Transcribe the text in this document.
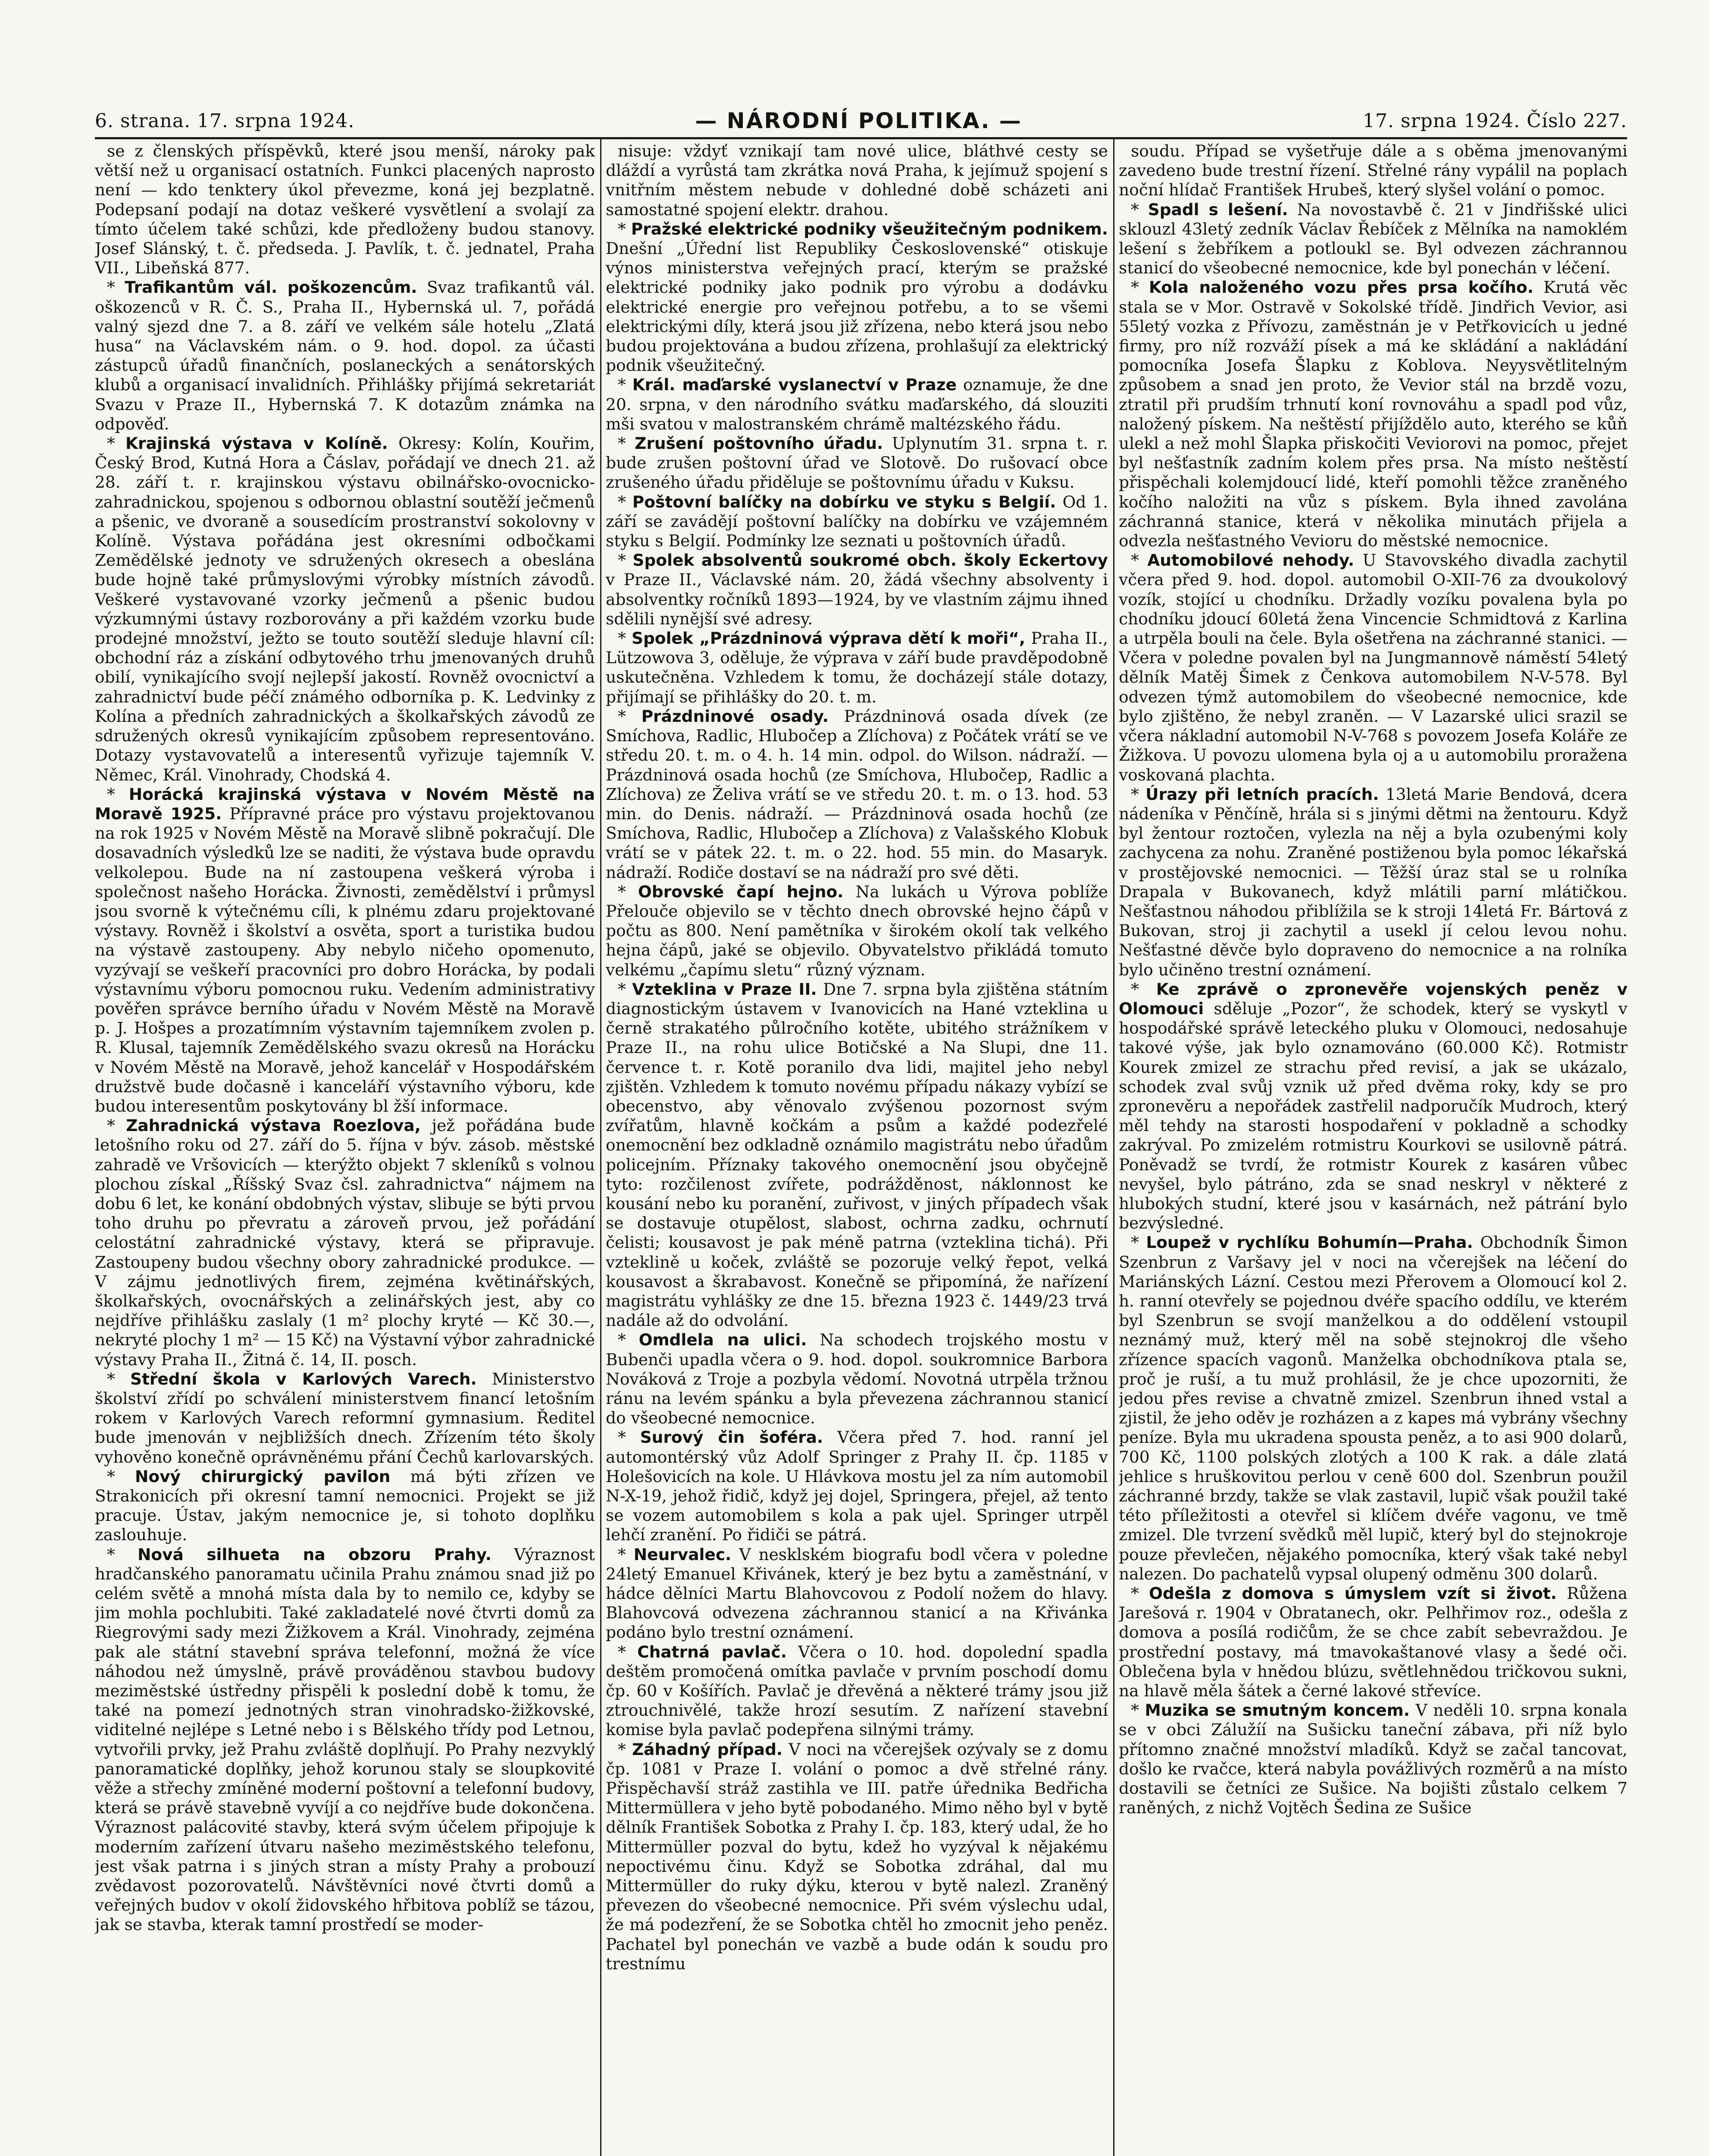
6. strana. 17. srpna 1924.	— NÁRODNÍ POLITIKA. —	17. srpna 1924. Číslo 227.

se z členských příspěvků, které jsou menší, nároky pak větší než u organisací ostatních. Funkci placených naprosto není — kdo tenktery úkol převezme, koná jej bezplatně. Podepsaní podají na dotaz veškeré vysvětlení a svolají za tímto účelem také schůzi, kde předloženy budou stanovy. Josef Slánský, t. č. předseda. J. Pavlík, t. č. jednatel, Praha VII., Libeňská 877.

* Trafikantům vál. poškozencům. Svaz trafikantů vál. oškozenců v R. Č. S., Praha II., Hybernská ul. 7, pořádá valný sjezd dne 7. a 8. září ve velkém sále hotelu „Zlatá husa“ na Václavském nám. o 9. hod. dopol. za účasti zástupců úřadů finančních, poslaneckých a senátorských klubů a organisací invalidních. Přihlášky přijímá sekretariát Svazu v Praze II., Hybernská 7. K dotazům známka na odpověď.

* Krajinská výstava v Kolíně. Okresy: Kolín, Kouřim, Český Brod, Kutná Hora a Čáslav, pořádají ve dnech 21. až 28. září t. r. krajinskou výstavu obilnářsko-ovocnicko-zahradnickou, spojenou s odbornou oblastní soutěží ječmenů a pšenic, ve dvoraně a sousedícím prostranství sokolovny v Kolíně. Výstava pořádána jest okresními odbočkami Zemědělské jednoty ve sdružených okresech a obeslána bude hojně také průmyslovými výrobky místních závodů. Veškeré vystavované vzorky ječmenů a pšenic budou výzkumnými ústavy rozborovány a při každém vzorku bude prodejné množství, ježto se touto soutěží sleduje hlavní cíl: obchodní ráz a získání odbytového trhu jmenovaných druhů obilí, vynikajícího svojí nejlepší jakostí. Rovněž ovocnictví a zahradnictví bude péčí známého odborníka p. K. Ledvinky z Kolína a předních zahradnických a školkařských závodů ze sdružených okresů vynikajícím způsobem representováno. Dotazy vystavovatelů a interesentů vyřizuje tajemník V. Němec, Král. Vinohrady, Chodská 4.

* Horácká krajinská výstava v Novém Městě na Moravě 1925. Přípravné práce pro výstavu projektovanou na rok 1925 v Novém Městě na Moravě slibně pokračují. Dle dosavadních výsledků lze se naditi, že výstava bude opravdu velkolepou. Bude na ní zastoupena veškerá výroba i společnost našeho Horácka. Živnosti, zemědělství i průmysl jsou svorně k výtečnému cíli, k plnému zdaru projektované výstavy. Rovněž i školství a osvěta, sport a turistika budou na výstavě zastoupeny. Aby nebylo ničeho opomenuto, vyzývají se veškeří pracovníci pro dobro Horácka, by podali výstavnímu výboru pomocnou ruku. Vedením administrativy pověřen správce berního úřadu v Novém Městě na Moravě p. J. Hošpes a prozatímním výstavním tajemníkem zvolen p. R. Klusal, tajemník Zemědělského svazu okresů na Horácku v Novém Městě na Moravě, jehož kancelář v Hospodářském družstvě bude dočasně i kanceláří výstavního výboru, kde budou interesentům poskytovány bl žší informace.

* Zahradnická výstava Roezlova, jež pořádána bude letošního roku od 27. září do 5. října v býv. zásob. městské zahradě ve Vršovicích — kterýžto objekt 7 skleníků s volnou plochou získal „Říšský Svaz čsl. zahradnictva“ nájmem na dobu 6 let, ke konání obdobných výstav, slibuje se býti prvou toho druhu po převratu a zároveň prvou, jež pořádání celostátní zahradnické výstavy, která se připravuje. Zastoupeny budou všechny obory zahradnické produkce. — V zájmu jednotlivých firem, zejména květinářských, školkařských, ovocnářských a zelinářských jest, aby co nejdříve přihlášku zaslaly (1 m² plochy kryté — Kč 30.—, nekryté plochy 1 m² — 15 Kč) na Výstavní výbor zahradnické výstavy Praha II., Žitná č. 14, II. posch.

* Střední škola v Karlových Varech. Ministerstvo školství zřídí po schválení ministerstvem financí letošním rokem v Karlových Varech reformní gymnasium. Ředitel bude jmenován v nejbližších dnech. Zřízením této školy vyhověno konečně oprávněnému přání Čechů karlovarských.

* Nový chirurgický pavilon má býti zřízen ve Strakonicích při okresní tamní nemocnici. Projekt se již pracuje. Ústav, jakým nemocnice je, si tohoto doplňku zaslouhuje.

* Nová silhueta na obzoru Prahy. Výraznost hradčanského panoramatu učinila Prahu známou snad již po celém světě a mnohá místa dala by to nemilo ce, kdyby se jim mohla pochlubiti. Také zakladatelé nové čtvrti domů za Riegrovými sady mezi Žižkovem a Král. Vinohrady, zejména pak ale státní stavební správa telefonní, možná že více náhodou než úmyslně, právě prováděnou stavbou budovy meziměstské ústředny přispěli k poslední době k tomu, že také na pomezí jednotných stran vinohradsko-žižkovské, viditelné nejlépe s Letné nebo i s Bělského třídy pod Letnou, vytvořili prvky, jež Prahu zvláště doplňují. Po Prahy nezvyklý panoramatické doplňky, jehož korunou staly se sloupkovité věže a střechy zmíněné moderní poštovní a telefonní budovy, která se právě stavebně vyvíjí a co nejdříve bude dokončena. Výraznost palácovité stavby, která svým účelem připojuje k moderním zařízení útvaru našeho meziměstského telefonu, jest však patrna i s jiných stran a místy Prahy a probouzí zvědavost pozorovatelů. Návštěvníci nové čtvrti domů a veřejných budov v okolí židovského hřbitova poblíž se tázou, jak se stavba, kterak tamní prostředí se moder-

nisuje: vždyť vznikají tam nové ulice, bláthvé cesty se dláždí a vyrůstá tam zkrátka nová Praha, k jejímuž spojení s vnitřním městem nebude v dohledné době scházeti ani samostatné spojení elektr. drahou.

* Pražské elektrické podniky všeužitečným podnikem. Dnešní „Úřední list Republiky Československé“ otiskuje výnos ministerstva veřejných prací, kterým se pražské elektrické podniky jako podnik pro výrobu a dodávku elektrické energie pro veřejnou potřebu, a to se všemi elektrickými díly, která jsou již zřízena, nebo která jsou nebo budou projektována a budou zřízena, prohlašují za elektrický podnik všeužitečný.

* Král. maďarské vyslanectví v Praze oznamuje, že dne 20. srpna, v den národního svátku maďarského, dá slouziti mši svatou v malostranském chrámě maltézského řádu.

* Zrušení poštovního úřadu. Uplynutím 31. srpna t. r. bude zrušen poštovní úřad ve Slotově. Do rušovací obce zrušeného úřadu přiděluje se poštovnímu úřadu v Kuksu.

* Poštovní balíčky na dobírku ve styku s Belgií. Od 1. září se zavádějí poštovní balíčky na dobírku ve vzájemném styku s Belgií. Podmínky lze seznati u poštovních úřadů.

* Spolek absolventů soukromé obch. školy Eckertovy v Praze II., Václavské nám. 20, žádá všechny absolventy i absolventky ročníků 1893—1924, by ve vlastním zájmu ihned sdělili nynější své adresy.

* Spolek „Prázdninová výprava dětí k moři“, Praha II., Lützowova 3, oděluje, že výprava v září bude pravděpodobně uskutečněna. Vzhledem k tomu, že docházejí stále dotazy, přijímají se přihlášky do 20. t. m.

* Prázdninové osady. Prázdninová osada dívek (ze Smíchova, Radlic, Hlubočep a Zlíchova) z Počátek vrátí se ve středu 20. t. m. o 4. h. 14 min. odpol. do Wilson. nádraží. — Prázdninová osada hochů (ze Smíchova, Hlubočep, Radlic a Zlíchova) ze Želiva vrátí se ve středu 20. t. m. o 13. hod. 53 min. do Denis. nádraží. — Prázdninová osada hochů (ze Smíchova, Radlic, Hlubočep a Zlíchova) z Valašského Klobuk vrátí se v pátek 22. t. m. o 22. hod. 55 min. do Masaryk. nádraží. Rodiče dostaví se na nádraží pro své děti.

* Obrovské čapí hejno. Na lukách u Výrova poblíže Přelouče objevilo se v těchto dnech obrovské hejno čápů v počtu as 800. Není pamětníka v širokém okolí tak velkého hejna čápů, jaké se objevilo. Obyvatelstvo přikládá tomuto velkému „čapímu sletu“ různý význam.

* Vzteklina v Praze II. Dne 7. srpna byla zjištěna státním diagnostickým ústavem v Ivanovicích na Hané vzteklina u černě strakatého půlročního kotěte, ubitého strážníkem v Praze II., na rohu ulice Botičské a Na Slupi, dne 11. července t. r. Kotě poranilo dva lidi, majitel jeho nebyl zjištěn. Vzhledem k tomuto novému případu nákazy vybízí se obecenstvo, aby věnovalo zvýšenou pozornost svým zvířatům, hlavně kočkám a psům a každé podezřelé onemocnění bez odkladně oznámilo magistrátu nebo úřadům policejním. Příznaky takového onemocnění jsou obyčejně tyto: rozčilenost zvířete, podrážděnost, náklonnost ke kousání nebo ku poranění, zuřivost, v jiných případech však se dostavuje otupělost, slabost, ochrna zadku, ochrnutí čelisti; kousavost je pak méně patrna (vzteklina tichá). Při vzteklině u koček, zvláště se pozoruje velký řepot, velká kousavost a škrabavost. Konečně se připomíná, že nařízení magistrátu vyhlášky ze dne 15. března 1923 č. 1449/23 trvá nadále až do odvolání.

* Omdlela na ulici. Na schodech trojského mostu v Bubenči upadla včera o 9. hod. dopol. soukromnice Barbora Nováková z Troje a pozbyla vědomí. Novotná utrpěla tržnou ránu na levém spánku a byla převezena záchrannou stanicí do všeobecné nemocnice.

* Surový čin šoféra. Včera před 7. hod. ranní jel automontérský vůz Adolf Springer z Prahy II. čp. 1185 v Holešovicích na kole. U Hlávkova mostu jel za ním automobil N-X-19, jehož řidič, když jej dojel, Springera, přejel, až tento se vozem automobilem s kola a pak ujel. Springer utrpěl lehčí zranění. Po řidiči se pátrá.

* Neurvalec. V nesklském biografu bodl včera v poledne 24letý Emanuel Křivánek, který je bez bytu a zaměstnání, v hádce dělníci Martu Blahovcovou z Podolí nožem do hlavy. Blahovcová odvezena záchrannou stanicí a na Křivánka podáno bylo trestní oznámení.

* Chatrná pavlač. Včera o 10. hod. dopolední spadla deštěm promočená omítka pavlače v prvním poschodí domu čp. 60 v Košířích. Pavlač je dřevěná a některé trámy jsou již ztrouchnivělé, takže hrozí sesutím. Z nařízení stavební komise byla pavlač podepřena silnými trámy.

* Záhadný případ. V noci na včerejšek ozývaly se z domu čp. 1081 v Praze I. volání o pomoc a dvě střelné rány. Přispěchavší stráž zastihla ve III. patře úřednika Bedřicha Mittermüllera v jeho bytě pobodaného. Mimo něho byl v bytě dělník František Sobotka z Prahy I. čp. 183, který udal, že ho Mittermüller pozval do bytu, kdež ho vyzýval k nějakému nepoctivému činu. Když se Sobotka zdráhal, dal mu Mittermüller do ruky dýku, kterou v bytě nalezl. Zraněný převezen do všeobecné nemocnice. Při svém výslechu udal, že má podezření, že se Sobotka chtěl ho zmocnit jeho peněz. Pachatel byl ponechán ve vazbě a bude odán k soudu pro trestnímu

soudu. Případ se vyšetřuje dále a s oběma jmenovanými zavedeno bude trestní řízení. Střelné rány vypálil na poplach noční hlídač František Hrubeš, který slyšel volání o pomoc.

* Spadl s lešení. Na novostavbě č. 21 v Jindřišské ulici sklouzl 43letý zedník Václav Řebíček z Mělníka na namoklém lešení s žebříkem a potloukl se. Byl odvezen záchrannou stanicí do všeobecné nemocnice, kde byl ponechán v léčení.

* Kola naloženého vozu přes prsa kočího. Krutá věc stala se v Mor. Ostravě v Sokolské třídě. Jindřich Vevior, asi 55letý vozka z Přívozu, zaměstnán je v Petřkovicích u jedné firmy, pro níž rozváží písek a má ke skládání a nakládání pomocníka Josefa Šlapku z Koblova. Neyysvětlitelným způsobem a snad jen proto, že Vevior stál na brzdě vozu, ztratil při prudším trhnutí koní rovnováhu a spadl pod vůz, naložený pískem. Na neštěstí přijíždělo auto, kterého se kůň ulekl a než mohl Šlapka přiskočiti Veviorovi na pomoc, přejet byl nešťastník zadním kolem přes prsa. Na místo neštěstí přispěchali kolemjdoucí lidé, kteří pomohli těžce zraněného kočího naložiti na vůz s pískem. Byla ihned zavolána záchranná stanice, která v několika minutách přijela a odvezla nešťastného Vevioru do městské nemocnice.

* Automobilové nehody. U Stavovského divadla zachytil včera před 9. hod. dopol. automobil O-XII-76 za dvoukolový vozík, stojící u chodníku. Držadly vozíku povalena byla po chodníku jdoucí 60letá žena Vincencie Schmidtová z Karlina a utrpěla bouli na čele. Byla ošetřena na záchranné stanici. — Včera v poledne povalen byl na Jungmannově náměstí 54letý dělník Matěj Šimek z Čenkova automobilem N-V-578. Byl odvezen týmž automobilem do všeobecné nemocnice, kde bylo zjištěno, že nebyl zraněn. — V Lazarské ulici srazil se včera nákladní automobil N-V-768 s povozem Josefa Koláře ze Žižkova. U povozu ulomena byla oj a u automobilu proražena voskovaná plachta.

* Úrazy při letních pracích. 13letá Marie Bendová, dcera nádeníka v Pěnčíně, hrála si s jinými dětmi na žentouru. Když byl žentour roztočen, vylezla na něj a byla ozubenými koly zachycena za nohu. Zraněné postiženou byla pomoc lékařská v prostějovské nemocnici. — Těžší úraz stal se u rolníka Drapala v Bukovanech, když mlátili parní mlátičkou. Nešťastnou náhodou přiblížila se k stroji 14letá Fr. Bártová z Bukovan, stroj ji zachytil a usekl jí celou levou nohu. Nešťastné děvče bylo dopraveno do nemocnice a na rolníka bylo učiněno trestní oznámení.

* Ke zprávě o zpronevěře vojenských peněz v Olomouci sděluje „Pozor“, že schodek, který se vyskytl v hospodářské správě leteckého pluku v Olomouci, nedosahuje takové výše, jak bylo oznamováno (60.000 Kč). Rotmistr Kourek zmizel ze strachu před revisí, a jak se ukázalo, schodek zval svůj vznik už před dvěma roky, kdy se pro zpronevěru a nepořádek zastřelil nadporučík Mudroch, který měl tehdy na starosti hospodaření v pokladně a schodky zakrýval. Po zmizelém rotmistru Kourkovi se usilovně pátrá. Poněvadž se tvrdí, že rotmistr Kourek z kasáren vůbec nevyšel, bylo pátráno, zda se snad neskryl v některé z hlubokých studní, které jsou v kasárnách, než pátrání bylo bezvýsledné.

* Loupež v rychlíku Bohumín—Praha. Obchodník Šimon Szenbrun z Varšavy jel v noci na včerejšek na léčení do Mariánských Lázní. Cestou mezi Přerovem a Olomoucí kol 2. h. ranní otevřely se pojednou dvéře spacího oddílu, ve kterém byl Szenbrun se svojí manželkou a do oddělení vstoupil neznámý muž, který měl na sobě stejnokroj dle všeho zřízence spacích vagonů. Manželka obchodníkova ptala se, proč je ruší, a tu muž prohlásil, že je chce upozorniti, že jedou přes revise a chvatně zmizel. Szenbrun ihned vstal a zjistil, že jeho oděv je rozházen a z kapes má vybrány všechny peníze. Byla mu ukradena spousta peněz, a to asi 900 dolarů, 700 Kč, 1100 polských zlotých a 100 K rak. a dále zlatá jehlice s hruškovitou perlou v ceně 600 dol. Szenbrun použil záchranné brzdy, takže se vlak zastavil, lupič však použil také této příležitosti a otevřel si klíčem dvéře vagonu, ve tmě zmizel. Dle tvrzení svědků měl lupič, který byl do stejnokroje pouze převlečen, nějakého pomocníka, který však také nebyl nalezen. Do pachatelů vypsal olupený odměnu 300 dolarů.

* Odešla z domova s úmyslem vzít si život. Růžena Jarešová r. 1904 v Obratanech, okr. Pelhřimov roz., odešla z domova a posílá rodičům, že se chce zabít sebevraždou. Je prostřední postavy, má tmavokaštanové vlasy a šedé oči. Oblečena byla v hnědou blúzu, světlehnědou tričkovou sukni, na hlavě měla šátek a černé lakové střevíce.

* Muzika se smutným koncem. V neděli 10. srpna konala se v obci Zálužíí na Sušicku taneční zábava, při níž bylo přítomno značné množství mladíků. Když se začal tancovat, došlo ke rvačce, která nabyla povážlivých rozměrů a na místo dostavili se četníci ze Sušice. Na bojišti zůstalo celkem 7 raněných, z nichž Vojtěch Šedina ze Sušice
